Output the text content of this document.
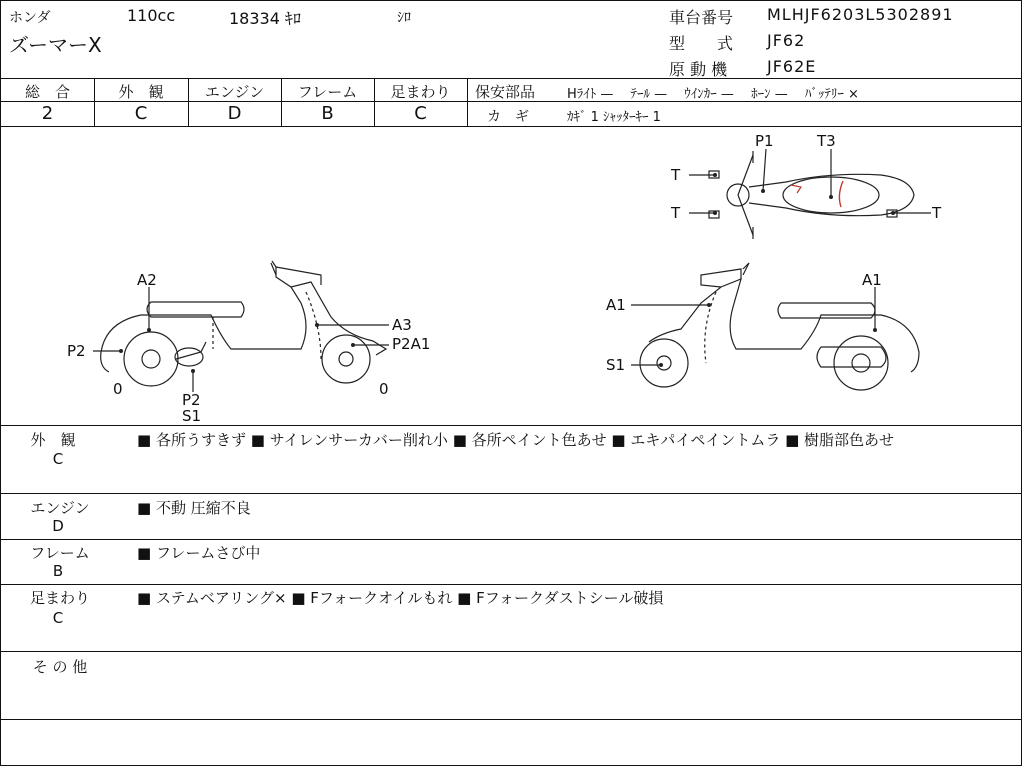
ホンダ	110cc	18334 ｷﾛ	ｼﾛ
ズーマーX
車台番号 MLHJF6203L5302891
型　　式 JF62
原 動 機 JF62E
総　合	外　観	エンジン	フレーム	足まわり
2	C	D	B	C
保安部品 Hﾗｲﾄ —　 ﾃｰﾙ —　 ｳｲﾝｶｰ —　 ﾎｰﾝ —　 ﾊﾞｯﾃﾘｰ ×
カ　ギ	ｶｷﾞ 1 ｼｬｯﾀｰｷｰ 1
P1	T3
T
T	T
A2
A3
P2A1
P2
0	0
P2
S1
A1
A1
S1
外　観
C
■ 各所うすきず ■ サイレンサーカバー削れ小 ■ 各所ペイント色あせ ■ エキパイペイントムラ ■ 樹脂部色あせ
エンジン
D
■ 不動 圧縮不良
フレーム
B
■ フレームさび中
足まわり
C
■ ステムベアリング× ■ Fフォークオイルもれ ■ Fフォークダストシール破損
そ の 他
